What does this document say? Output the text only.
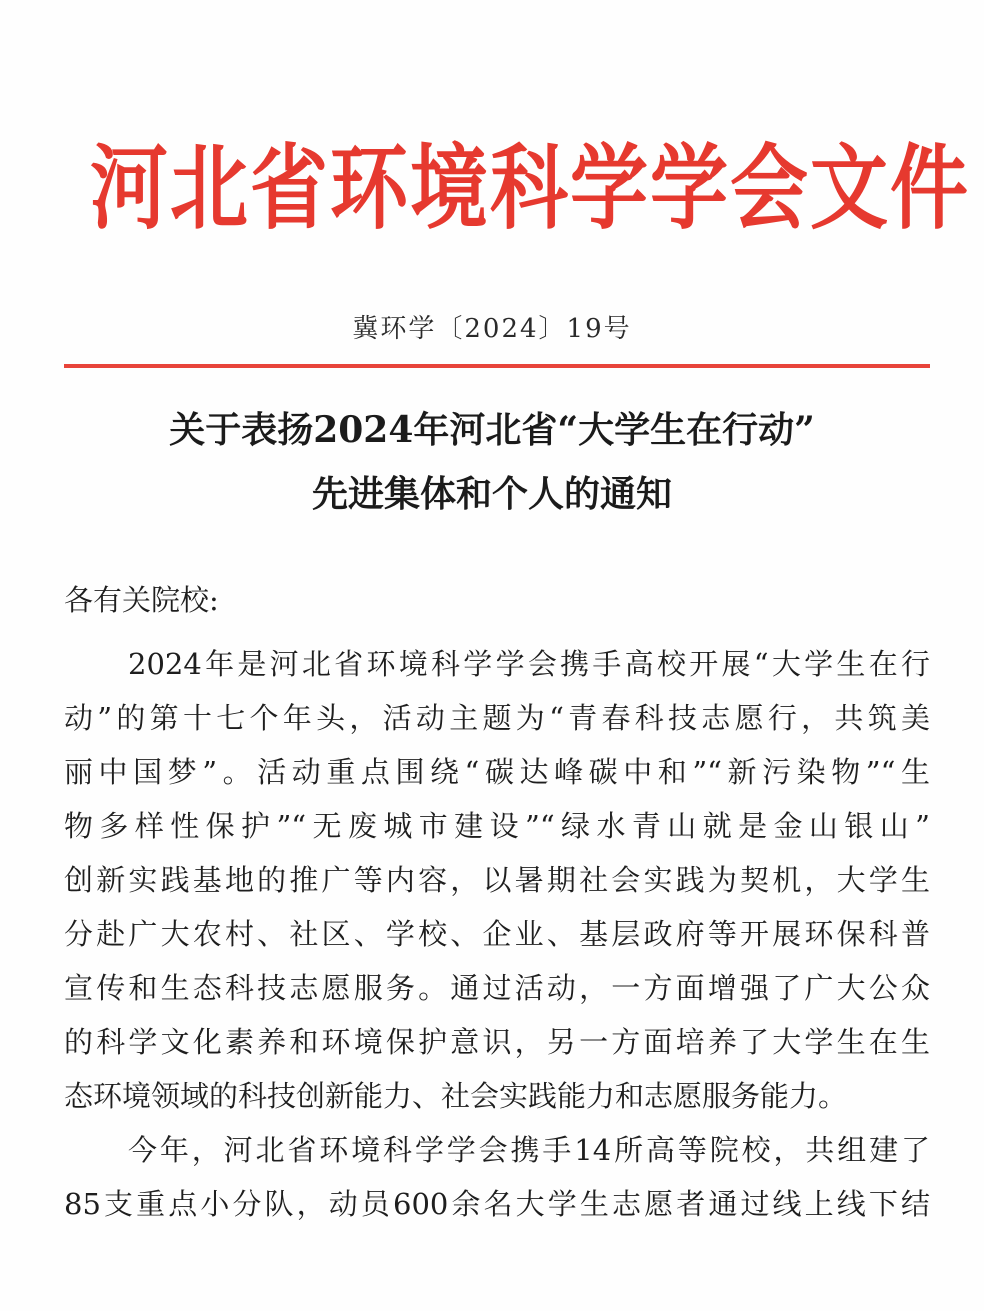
河北省环境科学学会文件
冀环学〔2024〕19号
关于表扬2024年河北省“大学生在行动”
先进集体和个人的通知
各有关院校:
2024年是河北省环境科学学会携手高校开展“大学生在行
动”的第十七个年头，活动主题为“青春科技志愿行，共筑美
丽中国梦”。活动重点围绕“碳达峰碳中和”“新污染物”“生
物多样性保护”“无废城市建设”“绿水青山就是金山银山”
创新实践基地的推广等内容，以暑期社会实践为契机，大学生
分赴广大农村、社区、学校、企业、基层政府等开展环保科普
宣传和生态科技志愿服务。通过活动，一方面增强了广大公众
的科学文化素养和环境保护意识，另一方面培养了大学生在生
态环境领域的科技创新能力、社会实践能力和志愿服务能力。
今年，河北省环境科学学会携手14所高等院校，共组建了
85支重点小分队，动员600余名大学生志愿者通过线上线下结
